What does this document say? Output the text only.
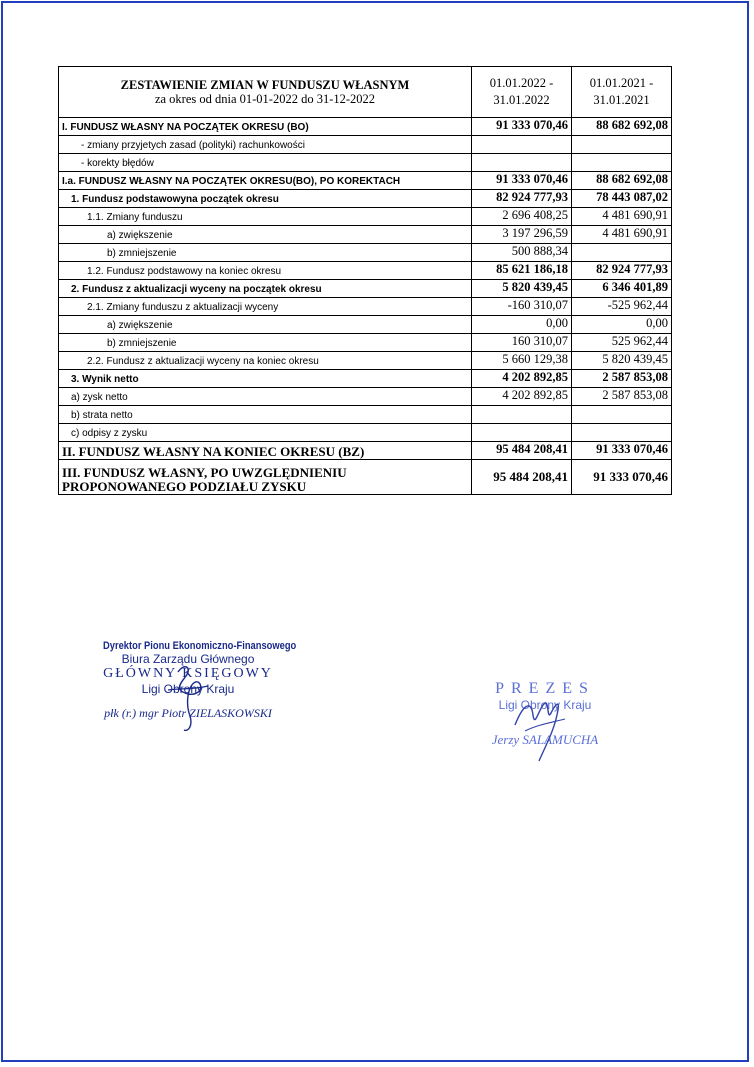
ZESTAWIENIE ZMIAN W FUNDUSZU WŁASNYM
za okres od dnia 01-01-2022 do 31-12-2022	01.01.2022 - 31.01.2022	01.01.2021 - 31.01.2021
I. FUNDUSZ WŁASNY NA POCZĄTEK OKRESU (BO)	91 333 070,46	88 682 692,08
- zmiany przyjetych zasad (polityki) rachunkowości		
- korekty błędów		
I.a. FUNDUSZ WŁASNY NA POCZĄTEK OKRESU(BO), PO KOREKTACH	91 333 070,46	88 682 692,08
1. Fundusz podstawowyna początek okresu	82 924 777,93	78 443 087,02
1.1. Zmiany funduszu	2 696 408,25	4 481 690,91
a) zwiększenie	3 197 296,59	4 481 690,91
b) zmniejszenie	500 888,34	
1.2. Fundusz podstawowy na koniec okresu	85 621 186,18	82 924 777,93
2. Fundusz z aktualizacji wyceny na początek okresu	5 820 439,45	6 346 401,89
2.1. Zmiany funduszu z aktualizacji wyceny	-160 310,07	-525 962,44
a) zwiększenie	0,00	0,00
b) zmniejszenie	160 310,07	525 962,44
2.2. Fundusz z aktualizacji wyceny na koniec okresu	5 660 129,38	5 820 439,45
3. Wynik netto	4 202 892,85	2 587 853,08
a) zysk netto	4 202 892,85	2 587 853,08
b) strata netto		
c) odpisy z zysku		
II. FUNDUSZ WŁASNY NA KONIEC OKRESU (BZ)	95 484 208,41	91 333 070,46
III. FUNDUSZ WŁASNY, PO UWZGLĘDNIENIU PROPONOWANEGO PODZIAŁU ZYSKU	95 484 208,41	91 333 070,46
Dyrektor Pionu Ekonomiczno-Finansowego
Biura Zarządu Głównego
GŁÓWNY KSIĘGOWY
Ligi Obrony Kraju
płk (r.) mgr Piotr ZIELASKOWSKI
PREZES
Ligi Obrony Kraju
Jerzy SALAMUCHA
